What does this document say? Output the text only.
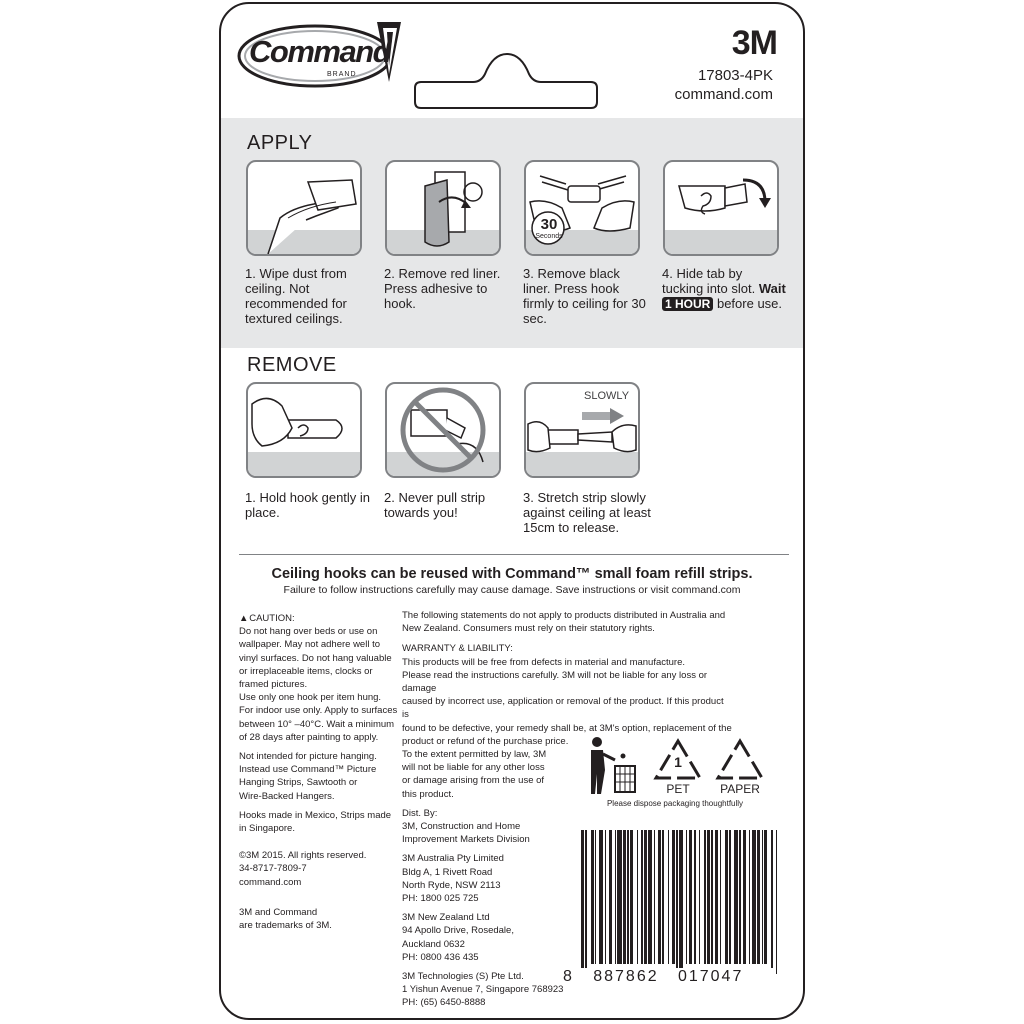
Command
BRAND
3M
17803-4PK
command.com
APPLY
30
Seconds
1. Wipe dust from ceiling. Not recommended for textured ceilings.
2. Remove red liner. Press adhesive to hook.
3. Remove black liner. Press hook firmly to ceiling for 30 sec.
4. Hide tab by tucking into slot. Wait 1 HOUR before use.
REMOVE
SLOWLY
1. Hold hook gently in place.
2. Never pull strip towards you!
3. Stretch strip slowly against ceiling at least 15cm to release.
Ceiling hooks can be reused with Command™ small foam refill strips.
Failure to follow instructions carefully may cause damage. Save instructions or visit command.com
▲ CAUTION:
Do not hang over beds or use on
wallpaper. May not adhere well to
vinyl surfaces. Do not hang valuable
or irreplaceable items, clocks or
framed pictures.
Use only one hook per item hung.
For indoor use only. Apply to surfaces
between 10° –40°C. Wait a minimum
of 28 days after painting to apply.
Not intended for picture hanging.
Instead use Command™ Picture
Hanging Strips, Sawtooth or
Wire-Backed Hangers.
Hooks made in Mexico, Strips made
in Singapore.
©3M 2015. All rights reserved.
34-8717-7809-7
command.com
3M and Command
are trademarks of 3M.
The following statements do not apply to products distributed in Australia and
New Zealand. Consumers must rely on their statutory rights.
WARRANTY & LIABILITY:
This products will be free from defects in material and manufacture.
Please read the instructions carefully. 3M will not be liable for any loss or damage
caused by incorrect use, application or removal of the product. If this product is
found to be defective, your remedy shall be, at 3M's option, replacement of the
product or refund of the purchase price.
To the extent permitted by law, 3M
will not be liable for any other loss
or damage arising from the use of
this product.
Dist. By:
3M, Construction and Home
Improvement Markets Division
3M Australia Pty Limited
Bldg A, 1 Rivett Road
North Ryde, NSW 2113
PH: 1800 025 725
3M New Zealand Ltd
94 Apollo Drive, Rosedale,
Auckland 0632
PH: 0800 436 435
3M Technologies (S) Pte Ltd.
1 Yishun Avenue 7, Singapore 768923
PH: (65) 6450-8888
1
PET	PAPER
Please dispose packaging thoughtfully
8   887862   017047
